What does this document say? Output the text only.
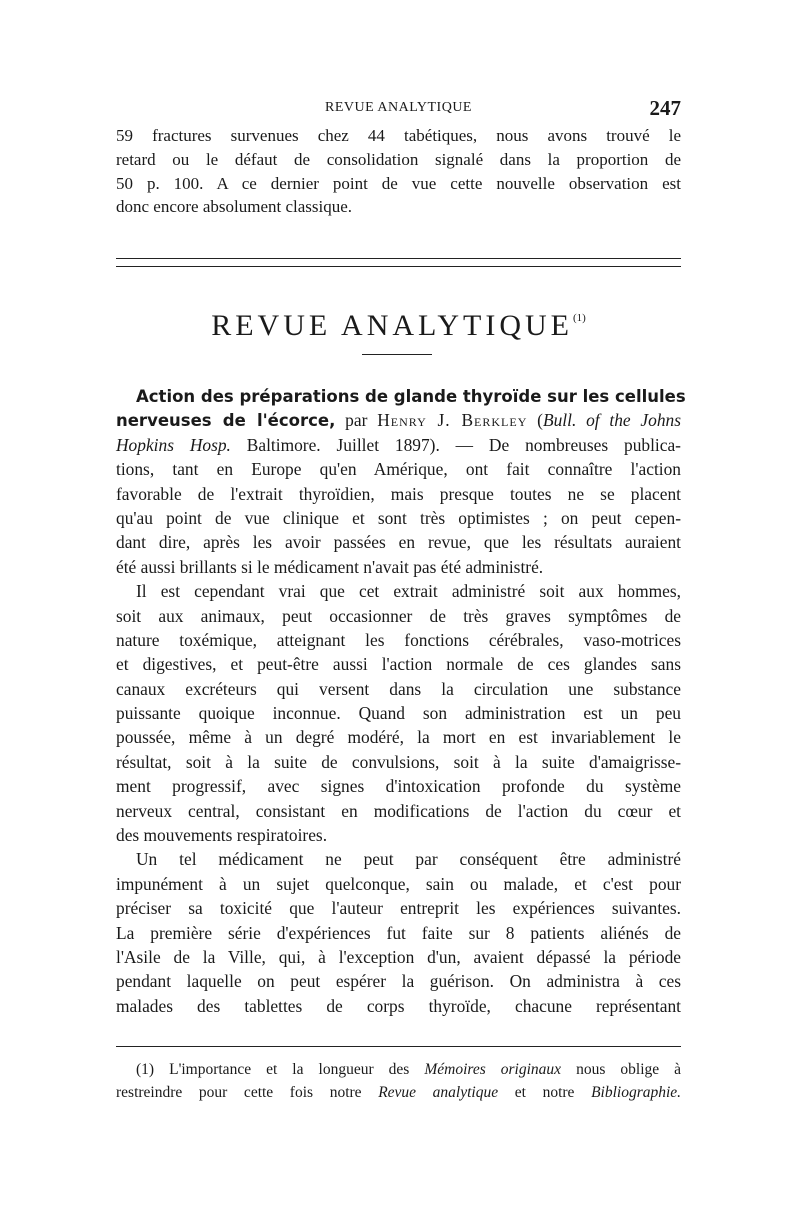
REVUE ANALYTIQUE	247
59 fractures survenues chez 44 tabétiques, nous avons trouvé le
retard ou le défaut de consolidation signalé dans la proportion de
50 p. 100. A ce dernier point de vue cette nouvelle observation est
donc encore absolument classique.
REVUE ANALYTIQUE$^{(1)}$
Action des préparations de glande thyroïde sur les cellules
nerveuses de l'écorce, par Henry J. Berkley (Bull. of the Johns
Hopkins Hosp. Baltimore. Juillet 1897). — De nombreuses publica-
tions, tant en Europe qu'en Amérique, ont fait connaître l'action
favorable de l'extrait thyroïdien, mais presque toutes ne se placent
qu'au point de vue clinique et sont très optimistes ; on peut cepen-
dant dire, après les avoir passées en revue, que les résultats auraient
été aussi brillants si le médicament n'avait pas été administré.
Il est cependant vrai que cet extrait administré soit aux hommes,
soit aux animaux, peut occasionner de très graves symptômes de
nature toxémique, atteignant les fonctions cérébrales, vaso-motrices
et digestives, et peut-être aussi l'action normale de ces glandes sans
canaux excréteurs qui versent dans la circulation une substance
puissante quoique inconnue. Quand son administration est un peu
poussée, même à un degré modéré, la mort en est invariablement le
résultat, soit à la suite de convulsions, soit à la suite d'amaigrisse-
ment progressif, avec signes d'intoxication profonde du système
nerveux central, consistant en modifications de l'action du cœur et
des mouvements respiratoires.
Un tel médicament ne peut par conséquent être administré
impunément à un sujet quelconque, sain ou malade, et c'est pour
préciser sa toxicité que l'auteur entreprit les expériences suivantes.
La première série d'expériences fut faite sur 8 patients aliénés de
l'Asile de la Ville, qui, à l'exception d'un, avaient dépassé la période
pendant laquelle on peut espérer la guérison. On administra à ces
malades des tablettes de corps thyroïde, chacune représentant
(1) L'importance et la longueur des Mémoires originaux nous oblige à
restreindre pour cette fois notre Revue analytique et notre Bibliographie.
